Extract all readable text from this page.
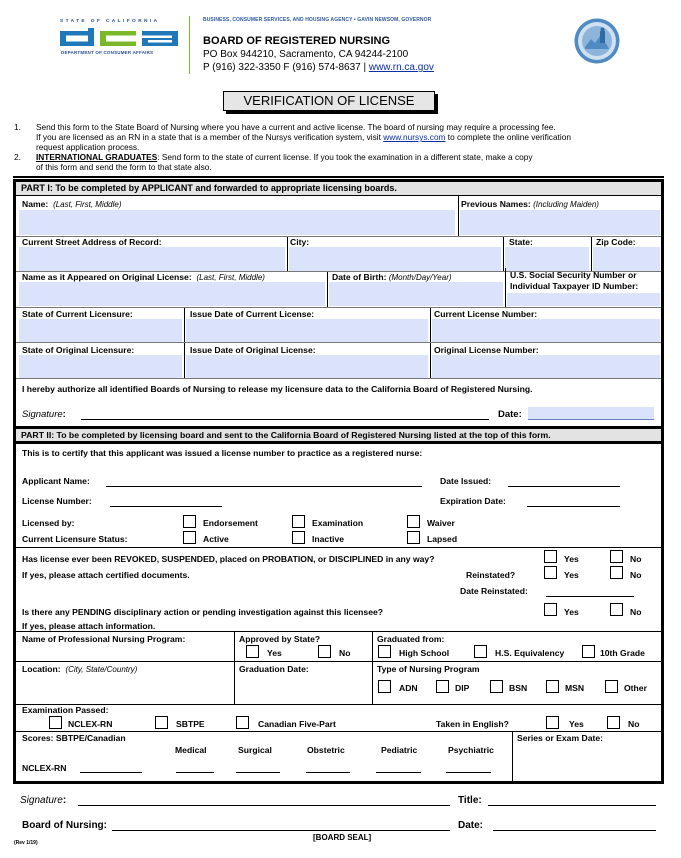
STATE OF CALIFORNIA
DEPARTMENT OF CONSUMER AFFAIRS
BUSINESS, CONSUMER SERVICES, AND HOUSING AGENCY • GAVIN NEWSOM, GOVERNOR
BOARD OF REGISTERED NURSING
PO Box 944210, Sacramento, CA 94244-2100
P (916) 322-3350 F (916) 574-8637 | www.rn.ca.gov
VERIFICATION OF LICENSE
1. Send this form to the State Board of Nursing where you have a current and active license. The board of nursing may require a processing fee.
If you are licensed as an RN in a state that is a member of the Nursys verification system, visit www.nursys.com to complete the online verification
request application process.
2. INTERNATIONAL GRADUATES: Send form to the state of current license. If you took the examination in a different state, make a copy
of this form and send the form to that state also.
PART I: To be completed by APPLICANT and forwarded to appropriate licensing boards.
Name: (Last, First, Middle)	Previous Names: (Including Maiden)
Current Street Address of Record:	City:	State:	Zip Code:
Name as it Appeared on Original License: (Last, First, Middle)	Date of Birth: (Month/Day/Year)	U.S. Social Security Number or
Individual Taxpayer ID Number:
State of Current Licensure:	Issue Date of Current License:	Current License Number:
State of Original Licensure:	Issue Date of Original License:	Original License Number:
I hereby authorize all identified Boards of Nursing to release my licensure data to the California Board of Registered Nursing.
Signature:	Date:
PART II: To be completed by licensing board and sent to the California Board of Registered Nursing listed at the top of this form.
This is to certify that this applicant was issued a license number to practice as a registered nurse:
Applicant Name:	Date Issued:
License Number:	Expiration Date:
Licensed by:	Endorsement	Examination	Waiver
Current Licensure Status:	Active	Inactive	Lapsed
Has license ever been REVOKED, SUSPENDED, placed on PROBATION, or DISCIPLINED in any way?	Yes	No
If yes, please attach certified documents.	Reinstated?	Yes	No
Date Reinstated:
Is there any PENDING disciplinary action or pending investigation against this licensee?	Yes	No
If yes, please attach information.
Name of Professional Nursing Program:	Approved by State?
Yes	No
Graduated from:
High School	H.S. Equivalency	10th Grade
Location: (City, State/Country)	Graduation Date:	Type of Nursing Program
ADN	DIP	BSN	MSN	Other
Examination Passed:
NCLEX-RN	SBTPE	Canadian Five-Part	Taken in English?	Yes	No
Scores: SBTPE/Canadian
Medical	Surgical	Obstetric	Pediatric	Psychiatric
Series or Exam Date:
NCLEX-RN
Signature:	Title:
Board of Nursing:	Date:
[BOARD SEAL]
(Rev 1/19)
